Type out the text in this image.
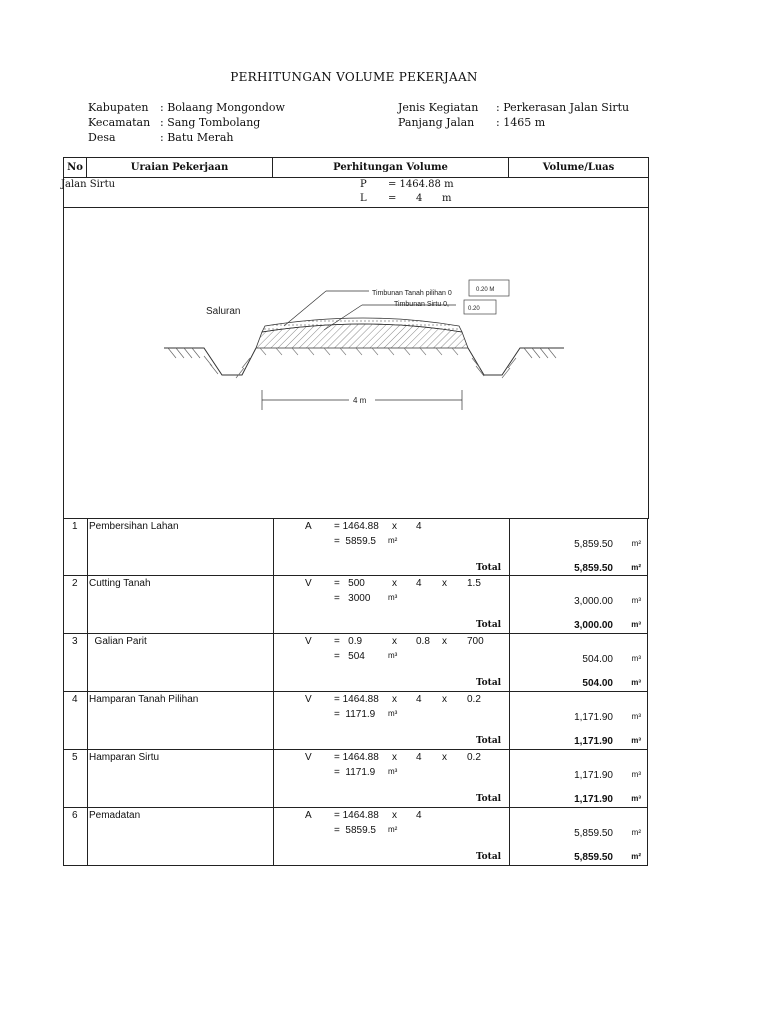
PERHITUNGAN VOLUME PEKERJAAN
Kabupaten : Bolaang Mongondow
Kecamatan : Sang Tombolang
Desa	: Batu Merah
Jenis Kegiatan : Perkerasan Jalan Sirtu
Panjang Jalan : 1465 m
No	Uraian Pekerjaan	Perhitungan Volume	Volume/Luas

Jalan Sirtu	P = 1464.88 m
L = 4 m

Saluran
Timbunan Tanah pilihan 0
Timbunan Sirtu 0,
0.20 M
0.20
4 m
1 Pembersihan Lahan	A = 1464.88 x 4
=  5859.5 m²	5,859.50 m²
Total	5,859.50 m²
2 Cutting Tanah	V =   500	x 4 x 1.5
=   3000 m³	3,000.00 m³
Total	3,000.00 m³
3 Galian Parit	V =   0.9	x 0.8 x 700
=   504	m³	504.00 m³
Total	504.00 m³
4 Hamparan Tanah Pilihan	V = 1464.88 x 4 x 0.2
=  1171.9 m³	1,171.90 m³
Total	1,171.90 m³
5 Hamparan Sirtu	V = 1464.88 x 4 x 0.2
=  1171.9 m³	1,171.90 m³
Total	1,171.90 m³
6 Pemadatan	A = 1464.88 x 4
=  5859.5 m²	5,859.50 m²
Total	5,859.50 m²
